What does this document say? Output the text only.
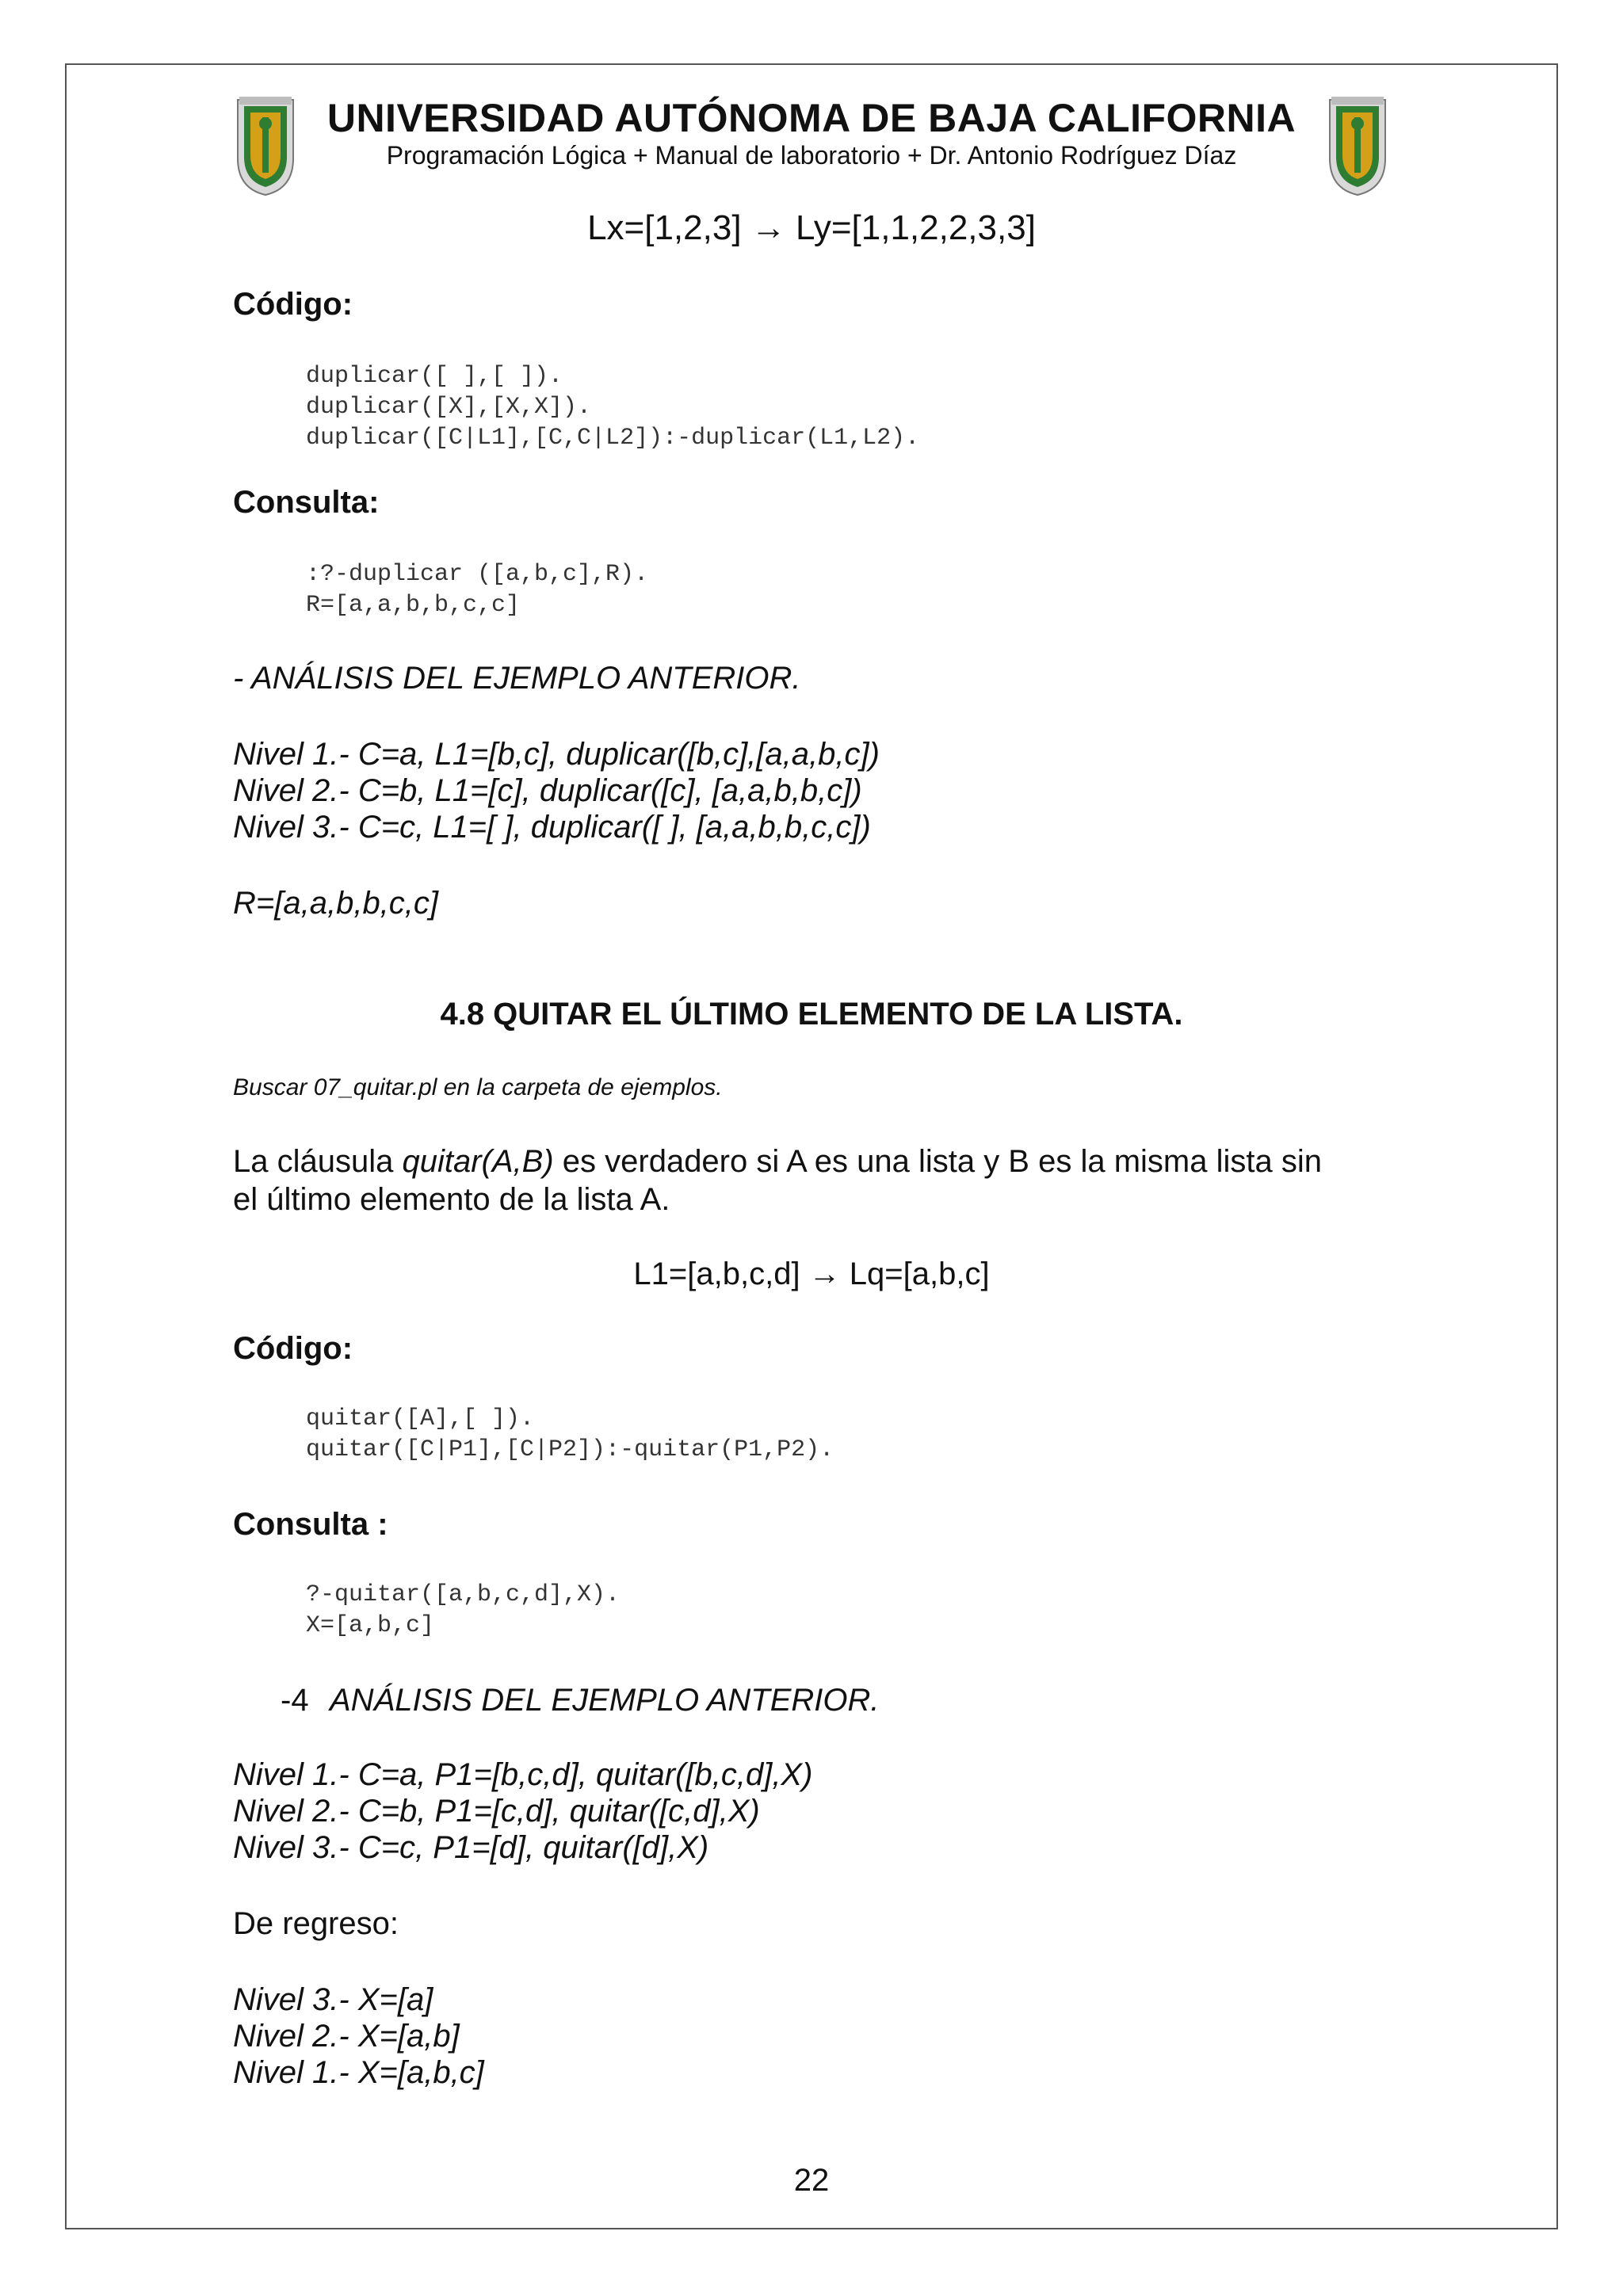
UNIVERSIDAD AUTÓNOMA DE BAJA CALIFORNIA
Programación Lógica + Manual de laboratorio + Dr. Antonio Rodríguez Díaz
Lx=[1,2,3] → Ly=[1,1,2,2,3,3]
Código:
duplicar([ ],[ ]).
duplicar([X],[X,X]).
duplicar([C|L1],[C,C|L2]):-duplicar(L1,L2).
Consulta:
:?-duplicar ([a,b,c],R).
R=[a,a,b,b,c,c]
- ANÁLISIS DEL EJEMPLO ANTERIOR.
Nivel 1.- C=a, L1=[b,c], duplicar([b,c],[a,a,b,c])
Nivel 2.- C=b, L1=[c], duplicar([c], [a,a,b,b,c])
Nivel 3.- C=c, L1=[ ], duplicar([ ], [a,a,b,b,c,c])
R=[a,a,b,b,c,c]
4.8 QUITAR EL ÚLTIMO ELEMENTO DE LA LISTA.
Buscar 07_quitar.pl en la carpeta de ejemplos.
La cláusula quitar(A,B) es verdadero si A es una lista y B es la misma lista sin
el último elemento de la lista A.
L1=[a,b,c,d] → Lq=[a,b,c]
Código:
quitar([A],[ ]).
quitar([C|P1],[C|P2]):-quitar(P1,P2).
Consulta :
?-quitar([a,b,c,d],X).
X=[a,b,c]
-4 ANÁLISIS DEL EJEMPLO ANTERIOR.
Nivel 1.- C=a, P1=[b,c,d], quitar([b,c,d],X)
Nivel 2.- C=b, P1=[c,d], quitar([c,d],X)
Nivel 3.- C=c, P1=[d], quitar([d],X)
De regreso:
Nivel 3.- X=[a]
Nivel 2.- X=[a,b]
Nivel 1.- X=[a,b,c]
22
